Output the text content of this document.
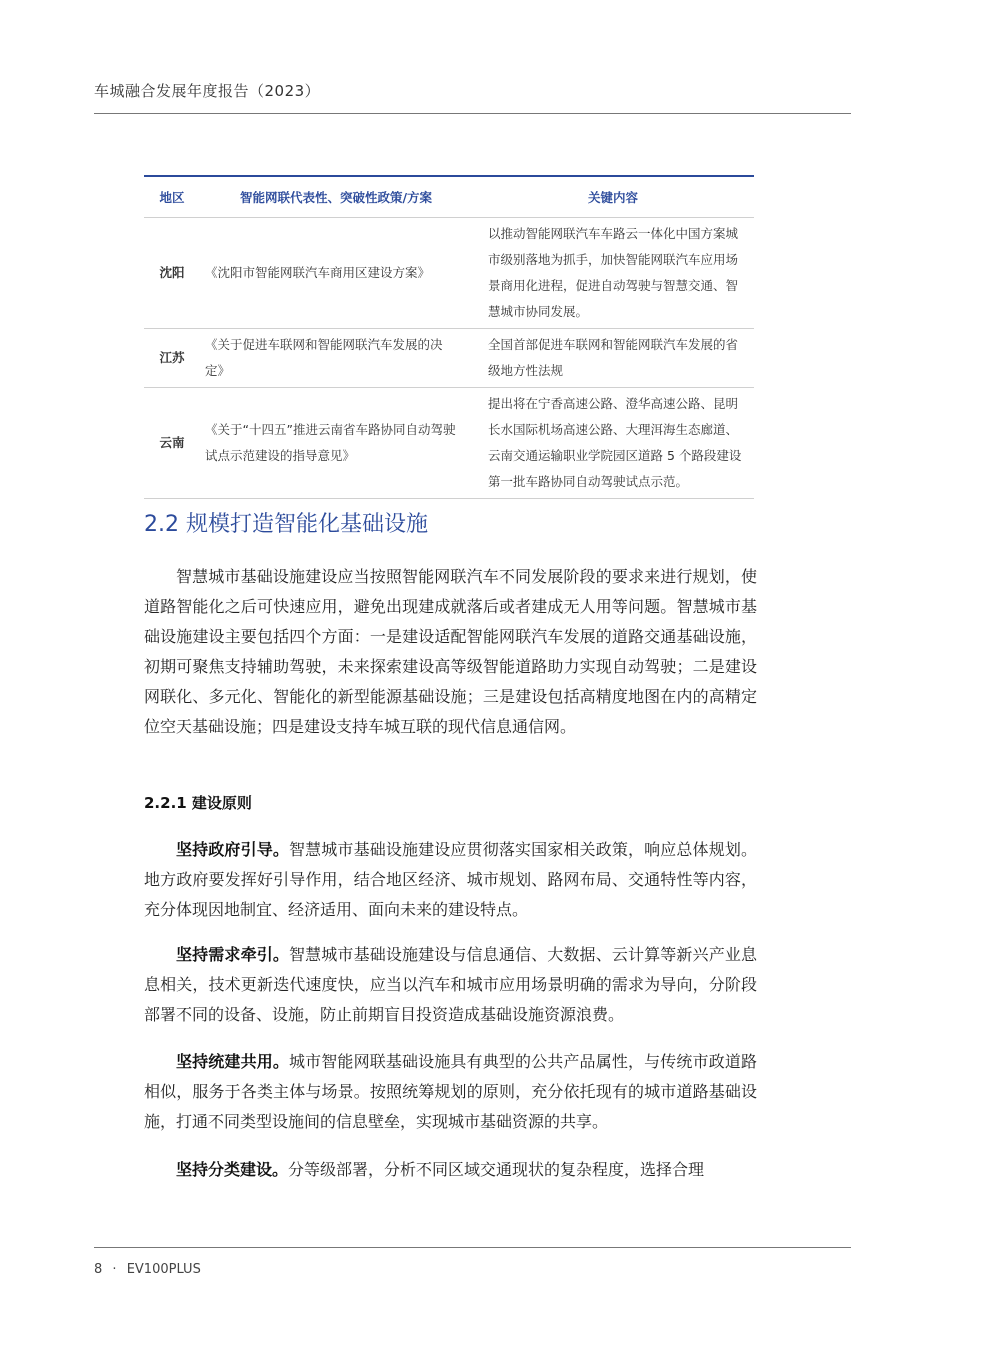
车城融合发展年度报告（2023）
地区	智能网联代表性、突破性政策/方案	关键内容
沈阳	《沈阳市智能网联汽车商用区建设方案》	以推动智能网联汽车车路云一体化中国方案城市级别落地为抓手，加快智能网联汽车应用场景商用化进程，促进自动驾驶与智慧交通、智慧城市协同发展。
江苏	《关于促进车联网和智能网联汽车发展的决定》	全国首部促进车联网和智能网联汽车发展的省级地方性法规
云南	《关于“十四五”推进云南省车路协同自动驾驶试点示范建设的指导意见》	提出将在宁香高速公路、澄华高速公路、昆明长水国际机场高速公路、大理洱海生态廊道、云南交通运输职业学院园区道路 5 个路段建设第一批车路协同自动驾驶试点示范。
2.2 规模打造智能化基础设施

智慧城市基础设施建设应当按照智能网联汽车不同发展阶段的要求来进行规划，使道路智能化之后可快速应用，避免出现建成就落后或者建成无人用等问题。智慧城市基础设施建设主要包括四个方面：一是建设适配智能网联汽车发展的道路交通基础设施，初期可聚焦支持辅助驾驶，未来探索建设高等级智能道路助力实现自动驾驶；二是建设网联化、多元化、智能化的新型能源基础设施；三是建设包括高精度地图在内的高精定位空天基础设施；四是建设支持车城互联的现代信息通信网。

2.2.1 建设原则

坚持政府引导。智慧城市基础设施建设应贯彻落实国家相关政策，响应总体规划。地方政府要发挥好引导作用，结合地区经济、城市规划、路网布局、交通特性等内容，充分体现因地制宜、经济适用、面向未来的建设特点。

坚持需求牵引。智慧城市基础设施建设与信息通信、大数据、云计算等新兴产业息息相关，技术更新迭代速度快，应当以汽车和城市应用场景明确的需求为导向，分阶段部署不同的设备、设施，防止前期盲目投资造成基础设施资源浪费。

坚持统建共用。城市智能网联基础设施具有典型的公共产品属性，与传统市政道路相似，服务于各类主体与场景。按照统筹规划的原则，充分依托现有的城市道路基础设施，打通不同类型设施间的信息壁垒，实现城市基础资源的共享。

坚持分类建设。分等级部署，分析不同区域交通现状的复杂程度，选择合理

8 · EV100PLUS
